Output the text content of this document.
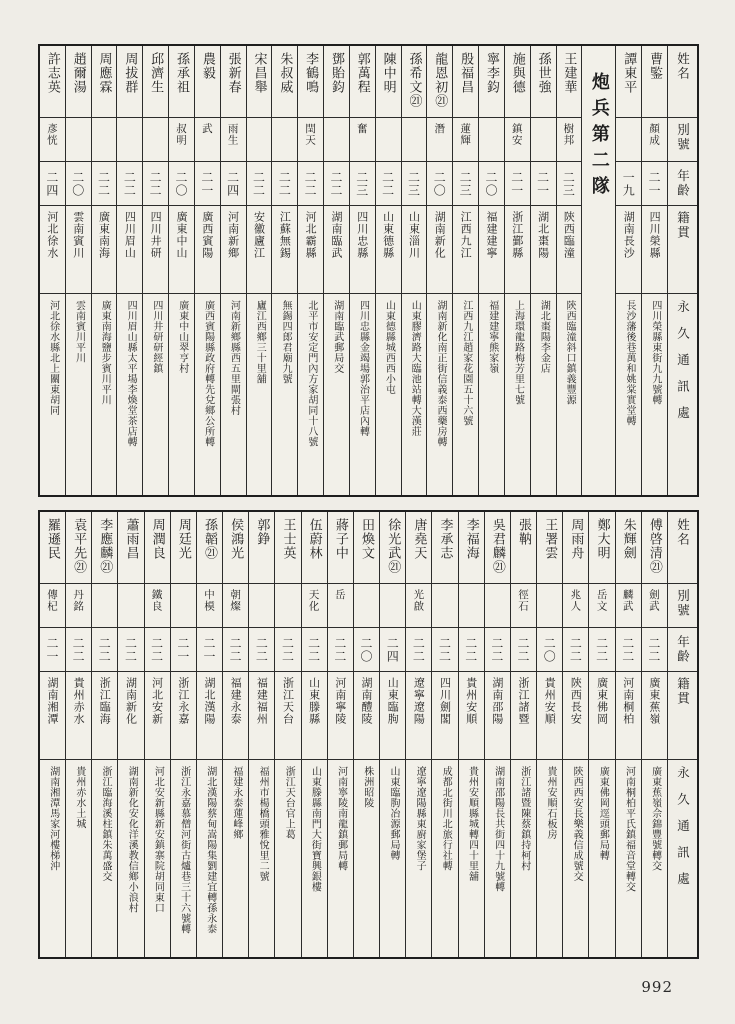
姓名
別號
年齡
籍貫
永久通訊處
曹鍳
顏成
二一
四川榮縣
四川榮縣東街九九號轉
譚東平
一九
湖南長沙
長沙藩後巷萬和姚棠實堂轉
炮兵第二隊
王建華
樹邦
二三
陝西臨潼
陝西臨潼斜口鎮義豐源
孫世強
二一
湖北棗陽
湖北棗陽李金店
施與德
鎮安
二一
浙江鄞縣
上海環龍路梅芳里七號
寧李鈞
二〇
福建建寧
福建建寧熊家嶺
殷福昌
蓮輝
二三
江西九江
江西九江趙家花園五十六號
龍恩初㉑
潛
二〇
湖南新化
湖南新化南正街信義泰西藥房轉
孫希文㉑
二三
山東淄川
山東膠濟路大臨池站轉大漢莊
陳中明
二二
山東德縣
山東德縣城西西小屯
郭萬程
奮
二三
四川忠縣
四川忠縣金竭場郭治平店內轉
鄧貽鈞
二二
湖南臨武
湖南臨武郵局交
李鶴鳴
閏天
二二
河北霸縣
北平市安定門內方家胡同十八號
朱叔威
二二
江蘇無錫
無錫四郎君廟九號
宋昌舉
二二
安徽廬江
廬江西鄉三十里舖
張新春
雨生
二四
河南新鄉
河南新鄉縣西五里閘張村
農毅
武
二一
廣西賓陽
廣西賓陽縣政府轉先兌鄉公所轉
孫承祖
叔明
二〇
廣東中山
廣東中山翠亨村
邱濟生
二二
四川井研
四川井研研經鎮
周拔群
二二
四川眉山
四川眉山縣太平場李煥堂茶店轉
周應霖
二二
廣東南海
廣東南海鹽步賓川平川
趙爾湯
二〇
雲南賓川
雲南賓川平川
許志英
彥恍
二四
河北徐水
河北徐水縣北上關東胡同
姓名
別號
年齡
籍貫
永久通訊處
傅啓清㉑
劍武
二二
廣東蕉嶺
廣東蕉嶺佘錦豐號轉交
朱輝劍
麟武
二二
河南桐柏
河南桐柏平氏鎮福音堂轉交
鄭大明
岳文
二二
廣東佛岡
廣東佛岡逕頭郵局轉
周雨舟
兆人
二二
陝西長安
陝西西安長樂義信成號交
王署雲
二〇
貴州安順
貴州安順石板房
張靹
徑石
二二
浙江諸暨
浙江諸暨陳蔡鎮持柯村
吳君麟㉑
二二
湖南邵陽
湖南邵陽長共街四十九號轉
李福海
二二
貴州安順
貴州安順縣城轉四十里舖
李承志
二二
四川劍閣
成都北街川北旅行社轉
唐堯天
光啟
二二
遼寧遼陽
遼寧遼陽縣東廚家堡子
徐光武㉑
二四
山東臨朐
山東臨朐冶源郵局轉
田煥文
二〇
湖南醴陵
株洲昭陵
蔣子中
岳
二二
河南寧陵
河南寧陵南龍鎮郵局轉
伍蔚林
天化
二二
山東滕縣
山東滕縣南門大街寶興銀樓
王士英
二二
浙江天台
浙江天台官上葛
郭錚
二二
福建福州
福州市楊橋頭雅悅里二號
侯鴻光
朝燦
二二
福建永泰
福建永泰蓮峰鄉
孫韜㉑
中模
二一
湖北漢陽
湖北漢陽蔡甸嵩陽集劉建宜轉孫永泰
周廷光
二一
浙江永嘉
浙江永嘉慕僧河街古爐巷三十六號轉
周潤良
鐵良
二二
河北安新
河北安新縣新安鎮寨院胡同東口
蕭雨昌
二二
湖南新化
湖南新化安化洋溪教信鄉小浪村
李應麟㉑
二二
浙江臨海
浙江臨海溪柱鎮朱萬盛交
袁平先㉑
丹銘
二二
貴州赤水
貴州赤水土城
羅遜民
傳杞
二一
湖南湘潭
湖南湘潭馬家河樓梯沖
992
